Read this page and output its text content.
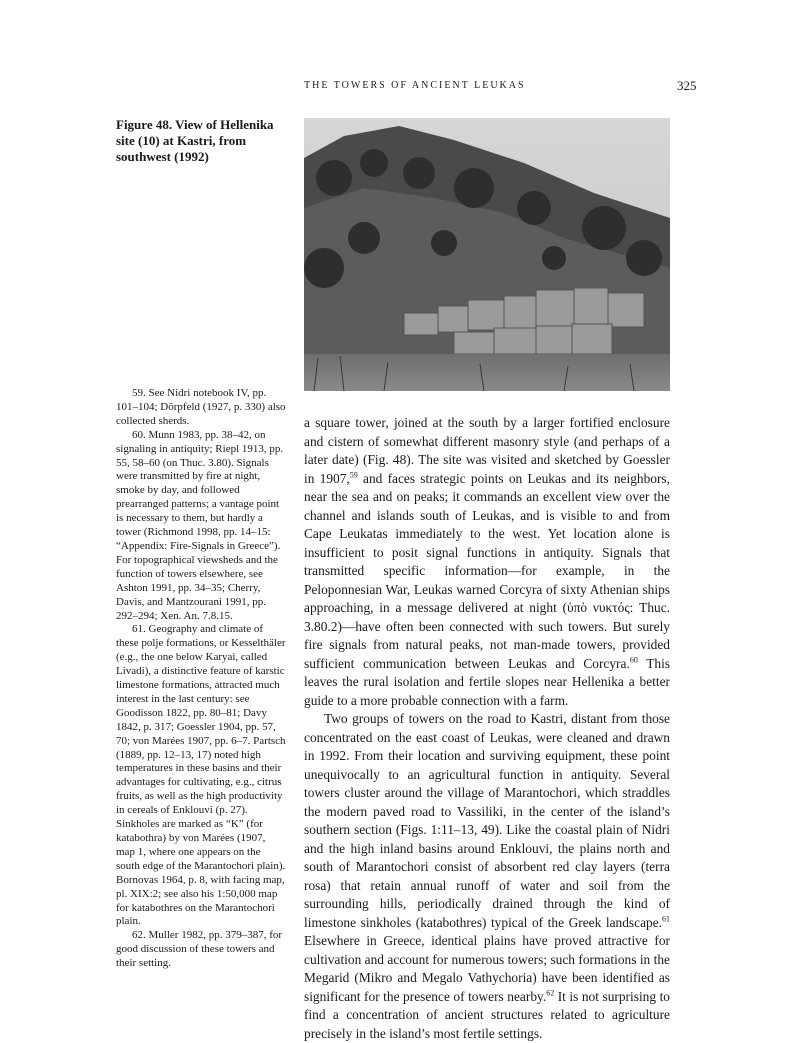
THE TOWERS OF ANCIENT LEUKAS	325
Figure 48. View of Hellenika site (10) at Kastri, from southwest (1992)

59. See Nidri notebook IV, pp. 101–104; Dörpfeld (1927, p. 330) also collected sherds.

60. Munn 1983, pp. 38–42, on signaling in antiquity; Riepl 1913, pp. 55, 58–60 (on Thuc. 3.80). Signals were transmitted by fire at night, smoke by day, and followed prearranged patterns; a vantage point is necessary to them, but hardly a tower (Richmond 1998, pp. 14–15: “Appendix: Fire-Signals in Greece”). For topographical viewsheds and the function of towers elsewhere, see Ashton 1991, pp. 34–35; Cherry, Davis, and Mantzourani 1991, pp. 292–294; Xen. An. 7.8.15.

61. Geography and climate of these polje formations, or Kesselthäler (e.g., the one below Karyai, called Livadi), a distinctive feature of karstic limestone formations, attracted much interest in the last century: see Goodisson 1822, pp. 80–81; Davy 1842, p. 317; Goessler 1904, pp. 57, 70; von Marées 1907, pp. 6–7. Partsch (1889, pp. 12–13, 17) noted high temperatures in these basins and their advantages for cultivating, e.g., citrus fruits, as well as the high productivity in cereals of Enklouvi (p. 27). Sinkholes are marked as “K” (for katabothra) by von Marées (1907, map 1, where one appears on the south edge of the Marantochori plain). Bornovas 1964, p. 8, with facing map, pl. XIX:2; see also his 1:50,000 map for katabothres on the Marantochori plain.

62. Muller 1982, pp. 379–387, for good discussion of these towers and their setting.

a square tower, joined at the south by a larger fortified enclosure and cistern of somewhat different masonry style (and perhaps of a later date) (Fig. 48). The site was visited and sketched by Goessler in 1907,59 and faces strategic points on Leukas and its neighbors, near the sea and on peaks; it commands an excellent view over the channel and islands south of Leukas, and is visible to and from Cape Leukatas immediately to the west. Yet location alone is insufficient to posit signal functions in antiquity. Signals that transmitted specific information—for example, in the Peloponnesian War, Leukas warned Corcyra of sixty Athenian ships approaching, in a message delivered at night (ὑπὸ νυκτός: Thuc. 3.80.2)—have often been connected with such towers. But surely fire signals from natural peaks, not man-made towers, provided sufficient communication between Leukas and Corcyra.$^{60}$ This leaves the rural isolation and fertile slopes near Hellenika a better guide to a more probable connection with a farm.

Two groups of towers on the road to Kastri, distant from those concentrated on the east coast of Leukas, were cleaned and drawn in 1992. From their location and surviving equipment, these point unequivocally to an agricultural function in antiquity. Several towers cluster around the village of Marantochori, which straddles the modern paved road to Vassiliki, in the center of the island’s southern section (Figs. 1:11–13, 49). Like the coastal plain of Nidri and the high inland basins around Enklouvi, the plains north and south of Marantochori consist of absorbent red clay layers (terra rosa) that retain annual runoff of water and soil from the surrounding hills, periodically drained through the kind of limestone sinkholes (katabothres) typical of the Greek landscape.$^{61}$ Elsewhere in Greece, identical plains have proved attractive for cultivation and account for numerous towers; such formations in the Megarid (Mikro and Megalo Vathychoria) have been identified as significant for the presence of towers nearby.$^{62}$ It is not surprising to find a concentration of ancient structures related to agriculture precisely in the island’s most fertile settings.
